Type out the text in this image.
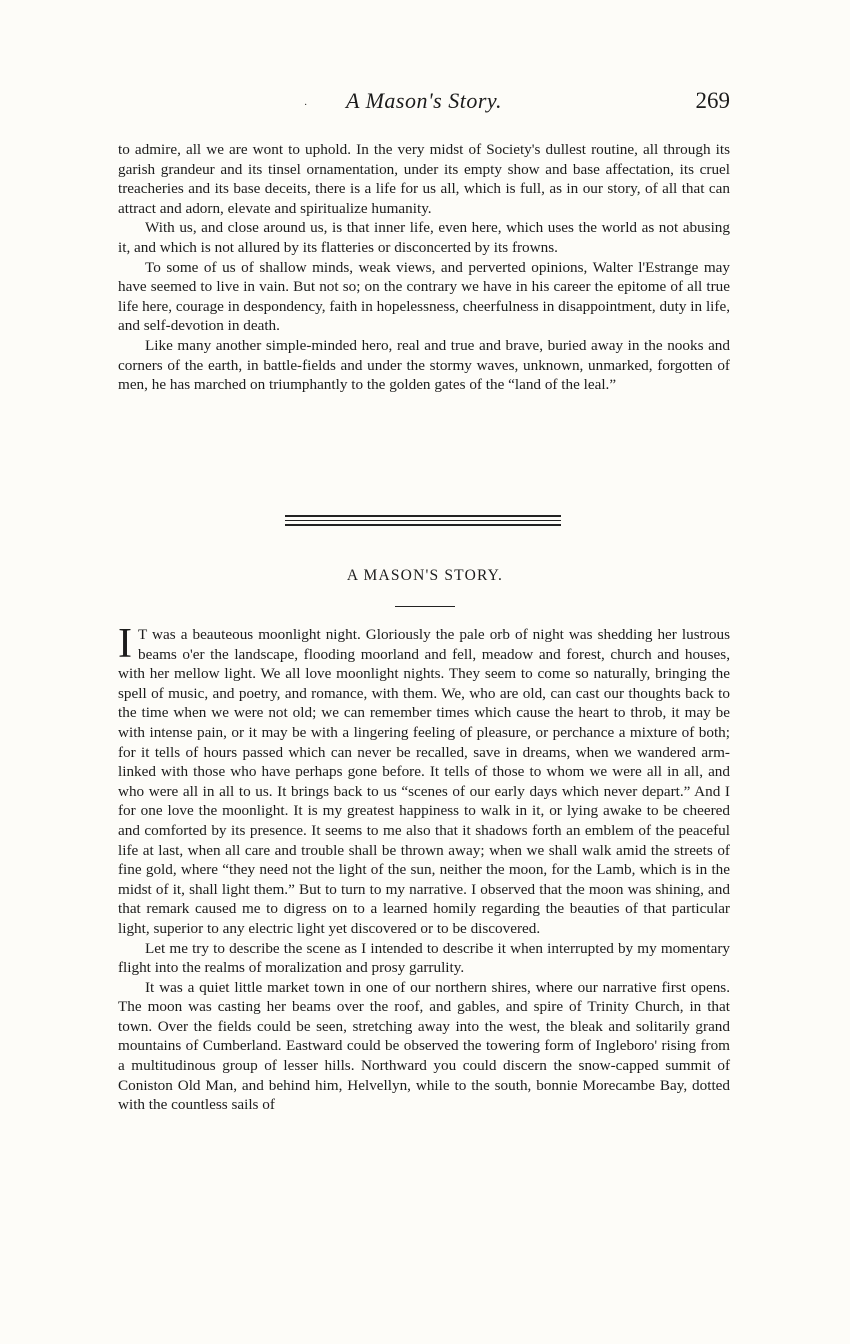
·	A Mason's Story.	269

to admire, all we are wont to uphold. In the very midst of Society's dullest routine, all through its garish grandeur and its tinsel ornamentation, under its empty show and base affectation, its cruel treacheries and its base deceits, there is a life for us all, which is full, as in our story, of all that can attract and adorn, elevate and spiritualize humanity.

With us, and close around us, is that inner life, even here, which uses the world as not abusing it, and which is not allured by its flatteries or disconcerted by its frowns.

To some of us of shallow minds, weak views, and perverted opinions, Walter l'Estrange may have seemed to live in vain. But not so; on the contrary we have in his career the epitome of all true life here, courage in despondency, faith in hopelessness, cheerfulness in disappointment, duty in life, and self-devotion in death.

Like many another simple-minded hero, real and true and brave, buried away in the nooks and corners of the earth, in battle-fields and under the stormy waves, unknown, unmarked, forgotten of men, he has marched on triumphantly to the golden gates of the “land of the leal.”

A MASON'S STORY.

I T was a beauteous moonlight night. Gloriously the pale orb of night was shedding her lustrous beams o'er the landscape, flooding moorland and fell, meadow and forest, church and houses, with her mellow light. We all love moonlight nights. They seem to come so naturally, bringing the spell of music, and poetry, and romance, with them. We, who are old, can cast our thoughts back to the time when we were not old; we can remember times which cause the heart to throb, it may be with intense pain, or it may be with a lingering feeling of pleasure, or perchance a mixture of both; for it tells of hours passed which can never be recalled, save in dreams, when we wandered arm-linked with those who have perhaps gone before. It tells of those to whom we were all in all, and who were all in all to us. It brings back to us “scenes of our early days which never depart.” And I for one love the moonlight. It is my greatest happiness to walk in it, or lying awake to be cheered and comforted by its presence. It seems to me also that it shadows forth an emblem of the peaceful life at last, when all care and trouble shall be thrown away; when we shall walk amid the streets of fine gold, where “they need not the light of the sun, neither the moon, for the Lamb, which is in the midst of it, shall light them.” But to turn to my narrative. I observed that the moon was shining, and that remark caused me to digress on to a learned homily regarding the beauties of that particular light, superior to any electric light yet discovered or to be discovered.

Let me try to describe the scene as I intended to describe it when interrupted by my momentary flight into the realms of moralization and prosy garrulity.

It was a quiet little market town in one of our northern shires, where our narrative first opens. The moon was casting her beams over the roof, and gables, and spire of Trinity Church, in that town. Over the fields could be seen, stretching away into the west, the bleak and solitarily grand mountains of Cumberland. Eastward could be observed the towering form of Ingleboro' rising from a multitudinous group of lesser hills. Northward you could discern the snow-capped summit of Coniston Old Man, and behind him, Helvellyn, while to the south, bonnie Morecambe Bay, dotted with the countless sails of
